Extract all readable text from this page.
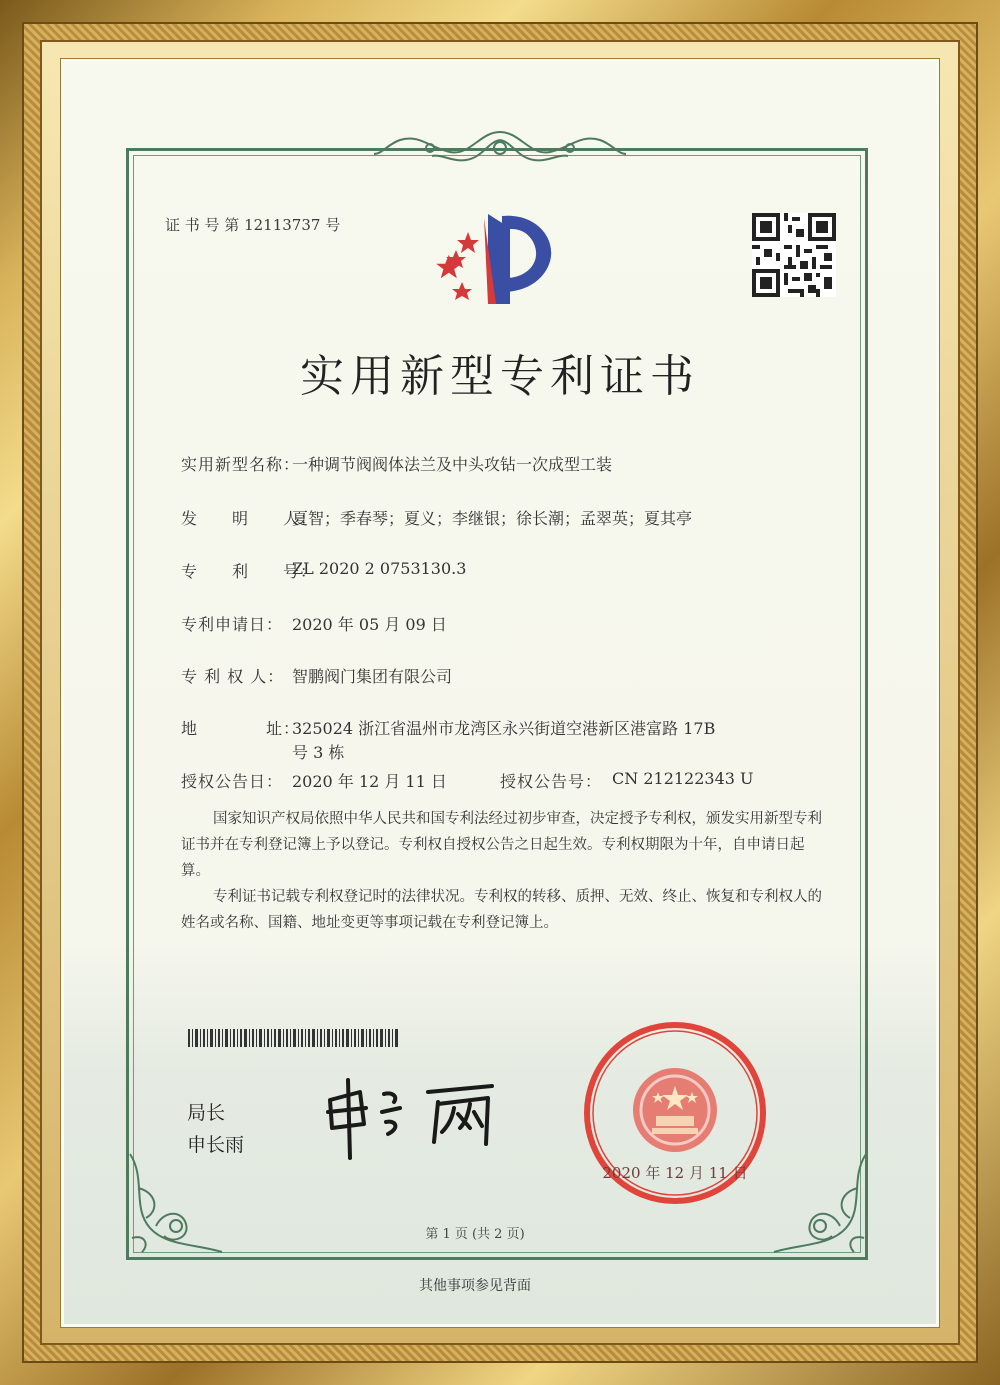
证 书 号 第 12113737 号
实用新型专利证书
实用新型名称：
一种调节阀阀体法兰及中头攻钻一次成型工装
发　　明　　人：
夏智；季春琴；夏义；李继银；徐长潮；孟翠英；夏其亭
专　　利　　号：
ZL 2020 2 0753130.3
专利申请日： 2020 年 05 月 09 日
专 利 权 人： 智鹏阀门集团有限公司
地　　　　址：
325024 浙江省温州市龙湾区永兴街道空港新区港富路 17B
号 3 栋
授权公告日： 2020 年 12 月 11 日	授权公告号： CN 212122343 U
国家知识产权局依照中华人民共和国专利法经过初步审查，决定授予专利权，颁发实用新型专利证书并在专利登记簿上予以登记。专利权自授权公告之日起生效。专利权期限为十年，自申请日起算。
专利证书记载专利权登记时的法律状况。专利权的转移、质押、无效、终止、恢复和专利权人的姓名或名称、国籍、地址变更等事项记载在专利登记簿上。
局长
申长雨
2020 年 12 月 11 日
第 1 页 (共 2 页)
其他事项参见背面
